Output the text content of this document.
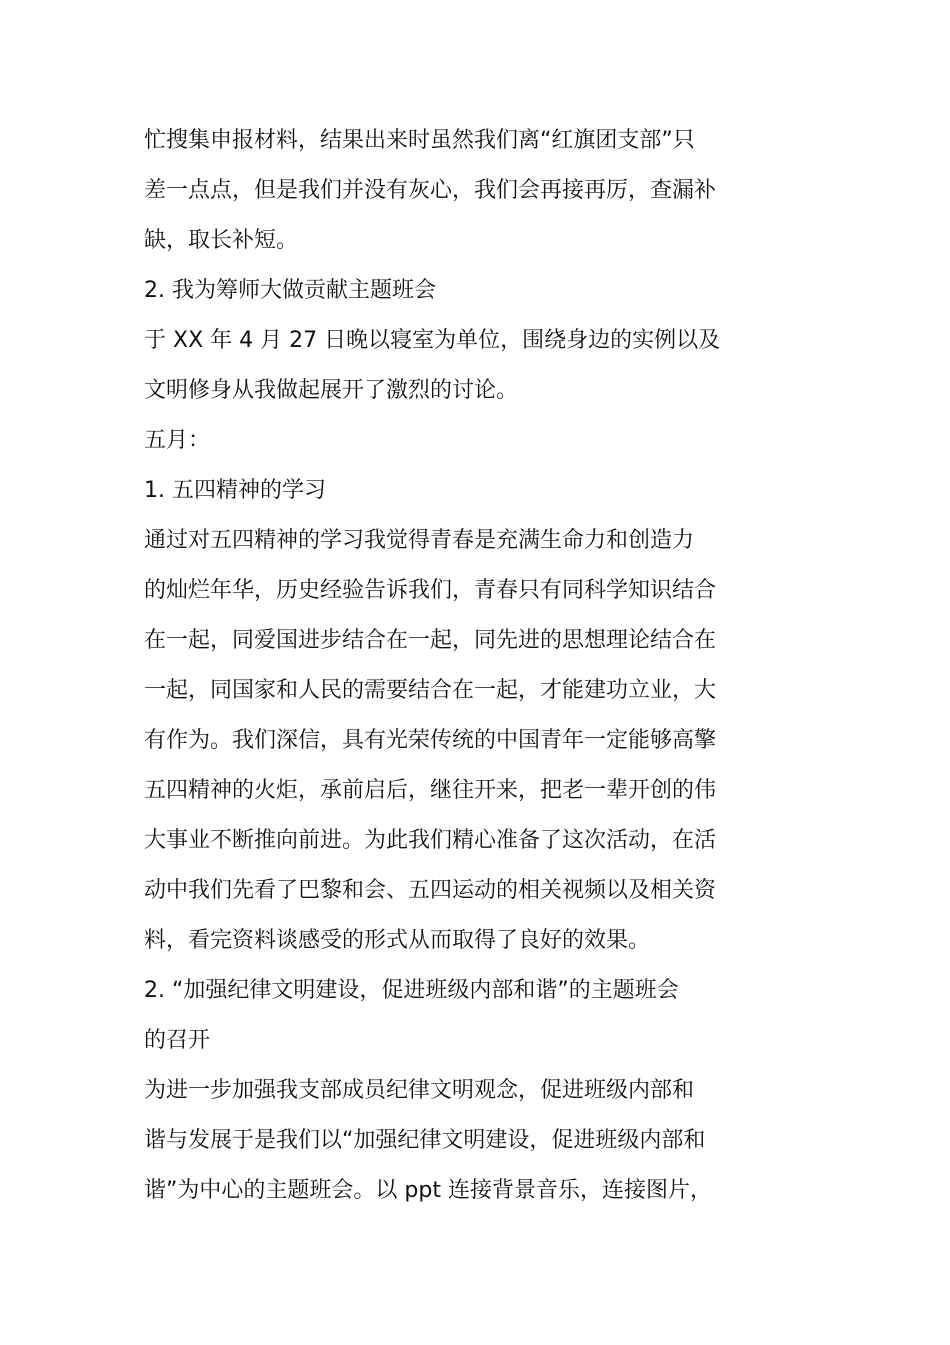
忙搜集申报材料，结果出来时虽然我们离“红旗团支部”只
差一点点，但是我们并没有灰心，我们会再接再厉，查漏补
缺，取长补短。
2. 我为筹师大做贡献主题班会
于 XX 年 4 月 27 日晚以寝室为单位，围绕身边的实例以及
文明修身从我做起展开了激烈的讨论。
五月：
1. 五四精神的学习
通过对五四精神的学习我觉得青春是充满生命力和创造力
的灿烂年华，历史经验告诉我们，青春只有同科学知识结合
在一起，同爱国进步结合在一起，同先进的思想理论结合在
一起，同国家和人民的需要结合在一起，才能建功立业，大
有作为。我们深信，具有光荣传统的中国青年一定能够高擎
五四精神的火炬，承前启后，继往开来，把老一辈开创的伟
大事业不断推向前进。为此我们精心准备了这次活动，在活
动中我们先看了巴黎和会、五四运动的相关视频以及相关资
料，看完资料谈感受的形式从而取得了良好的效果。
2. “加强纪律文明建设，促进班级内部和谐”的主题班会
的召开
为进一步加强我支部成员纪律文明观念，促进班级内部和
谐与发展于是我们以“加强纪律文明建设，促进班级内部和
谐”为中心的主题班会。以 ppt 连接背景音乐，连接图片，
